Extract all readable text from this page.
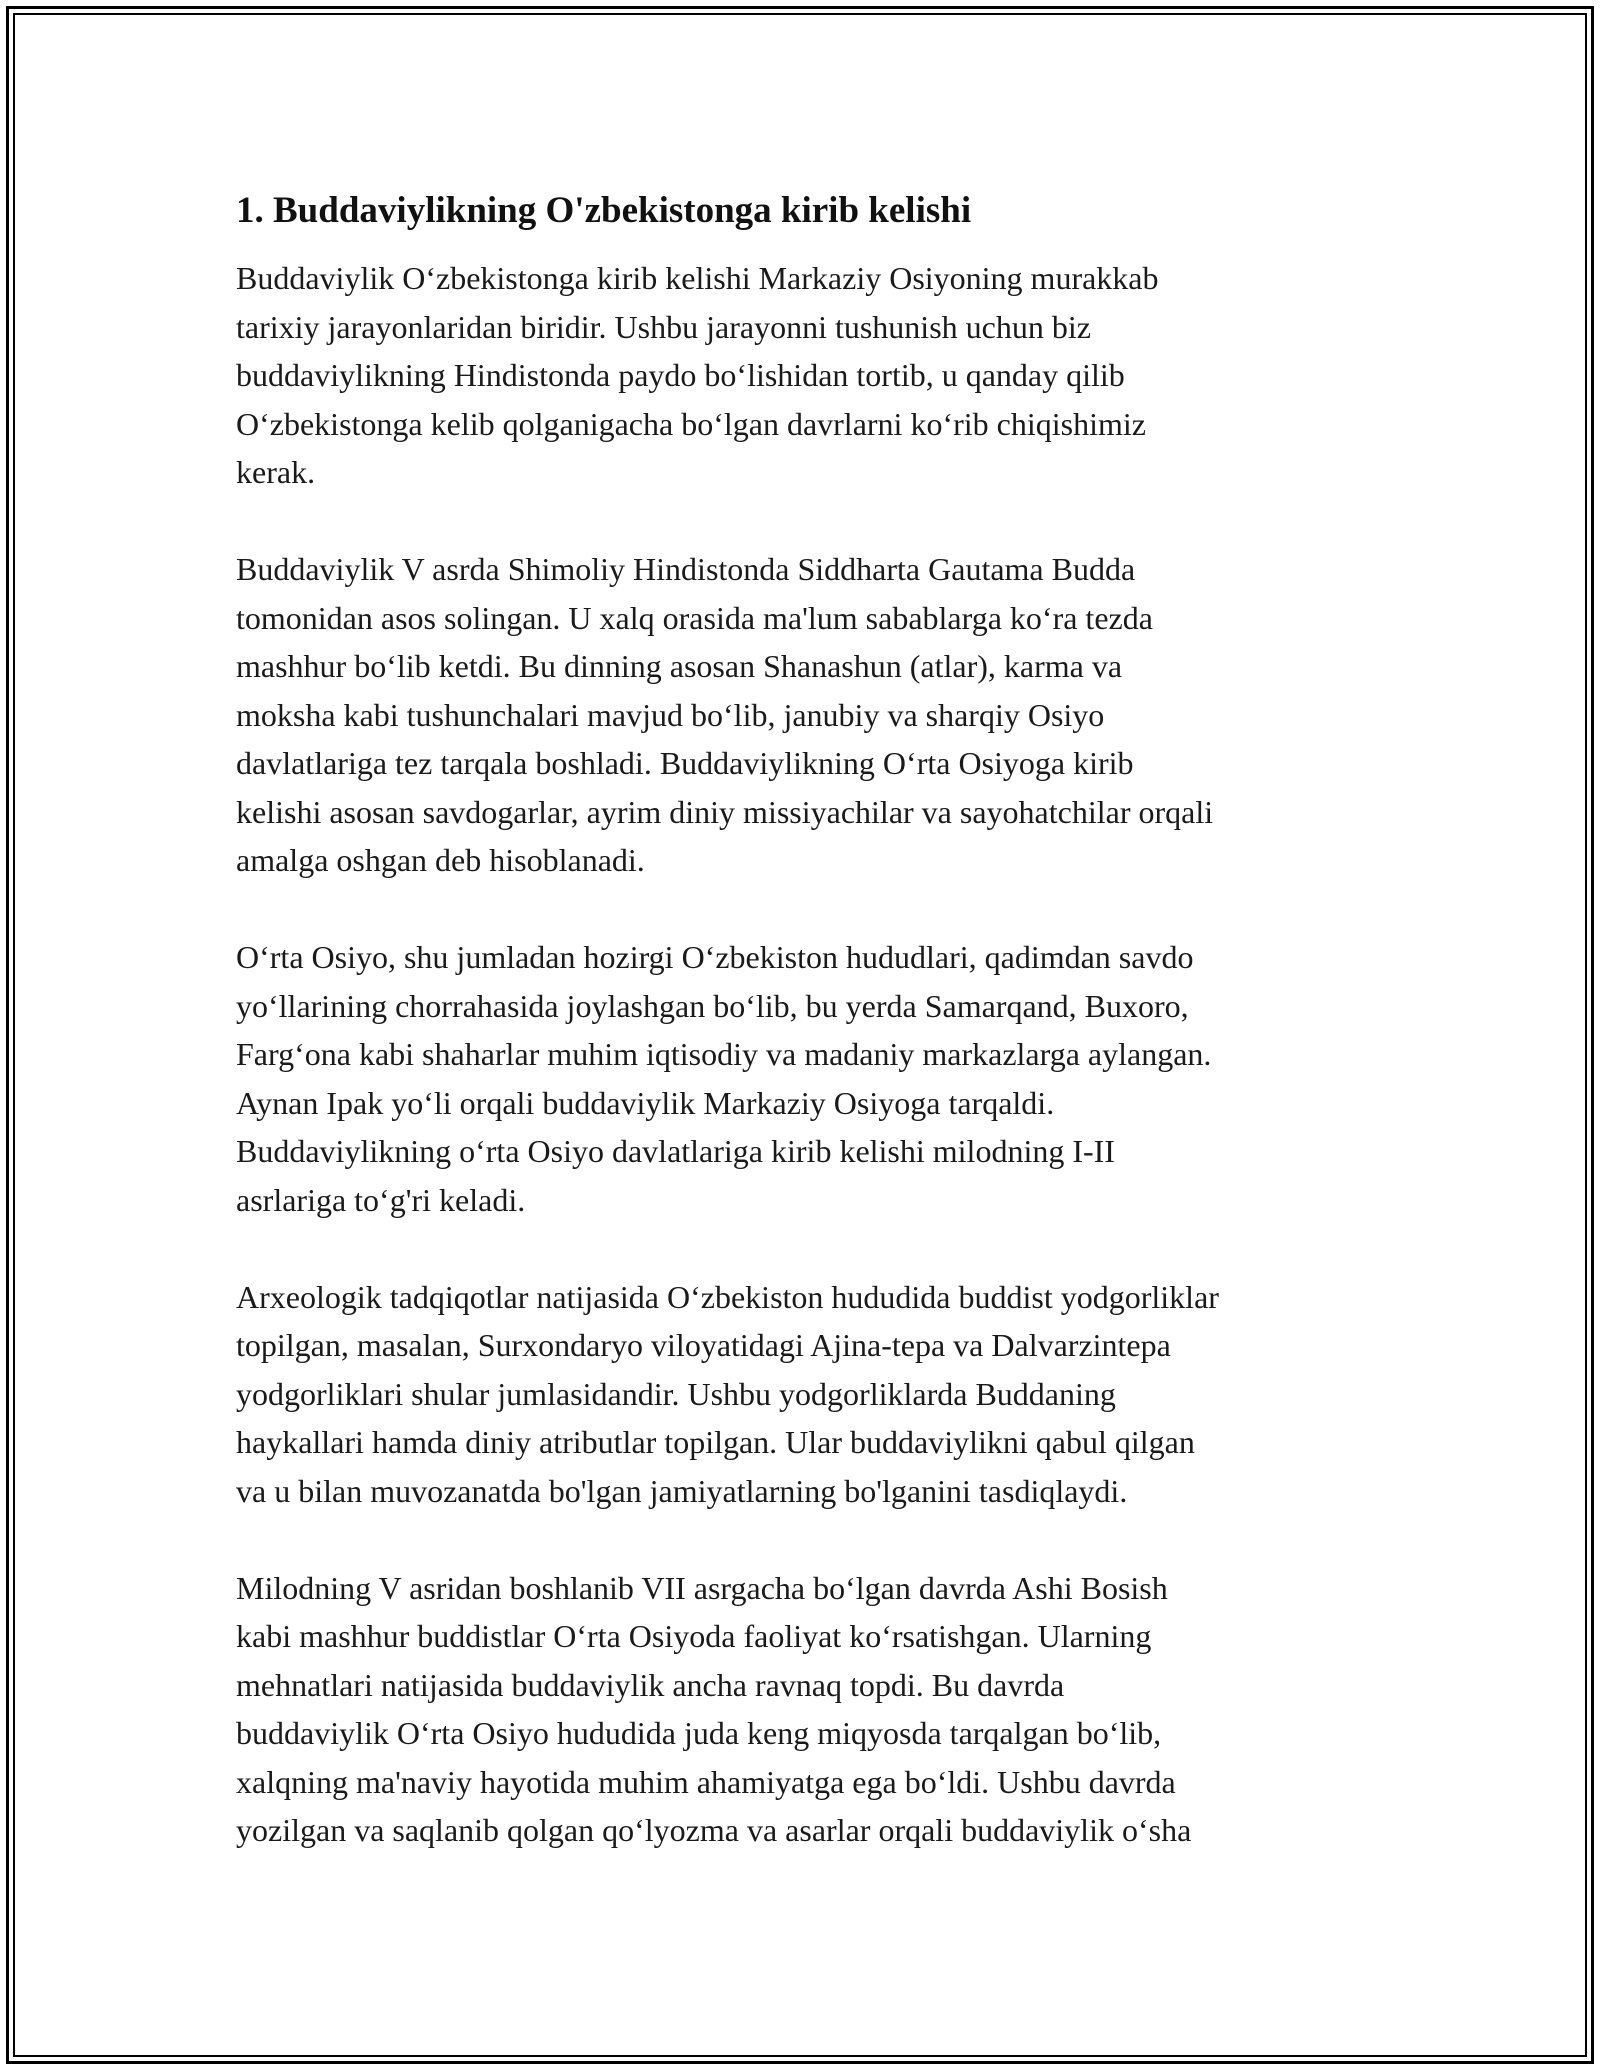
1. Buddaviylikning O'zbekistonga kirib kelishi
Buddaviylik O‘zbekistonga kirib kelishi Markaziy Osiyoning murakkab
tarixiy jarayonlaridan biridir. Ushbu jarayonni tushunish uchun biz
buddaviylikning Hindistonda paydo bo‘lishidan tortib, u qanday qilib
O‘zbekistonga kelib qolganigacha bo‘lgan davrlarni ko‘rib chiqishimiz
kerak.
Buddaviylik V asrda Shimoliy Hindistonda Siddharta Gautama Budda
tomonidan asos solingan. U xalq orasida ma'lum sabablarga ko‘ra tezda
mashhur bo‘lib ketdi. Bu dinning asosan Shanashun (atlar), karma va
moksha kabi tushunchalari mavjud bo‘lib, janubiy va sharqiy Osiyo
davlatlariga tez tarqala boshladi. Buddaviylikning O‘rta Osiyoga kirib
kelishi asosan savdogarlar, ayrim diniy missiyachilar va sayohatchilar orqali
amalga oshgan deb hisoblanadi.
O‘rta Osiyo, shu jumladan hozirgi O‘zbekiston hududlari, qadimdan savdo
yo‘llarining chorrahasida joylashgan bo‘lib, bu yerda Samarqand, Buxoro,
Farg‘ona kabi shaharlar muhim iqtisodiy va madaniy markazlarga aylangan.
Aynan Ipak yo‘li orqali buddaviylik Markaziy Osiyoga tarqaldi.
Buddaviylikning o‘rta Osiyo davlatlariga kirib kelishi milodning I-II
asrlariga to‘g'ri keladi.
Arxeologik tadqiqotlar natijasida O‘zbekiston hududida buddist yodgorliklar
topilgan, masalan, Surxondaryo viloyatidagi Ajina-tepa va Dalvarzintepa
yodgorliklari shular jumlasidandir. Ushbu yodgorliklarda Buddaning
haykallari hamda diniy atributlar topilgan. Ular buddaviylikni qabul qilgan
va u bilan muvozanatda bo'lgan jamiyatlarning bo'lganini tasdiqlaydi.
Milodning V asridan boshlanib VII asrgacha bo‘lgan davrda Ashi Bosish
kabi mashhur buddistlar O‘rta Osiyoda faoliyat ko‘rsatishgan. Ularning
mehnatlari natijasida buddaviylik ancha ravnaq topdi. Bu davrda
buddaviylik O‘rta Osiyo hududida juda keng miqyosda tarqalgan bo‘lib,
xalqning ma'naviy hayotida muhim ahamiyatga ega bo‘ldi. Ushbu davrda
yozilgan va saqlanib qolgan qo‘lyozma va asarlar orqali buddaviylik o‘sha
